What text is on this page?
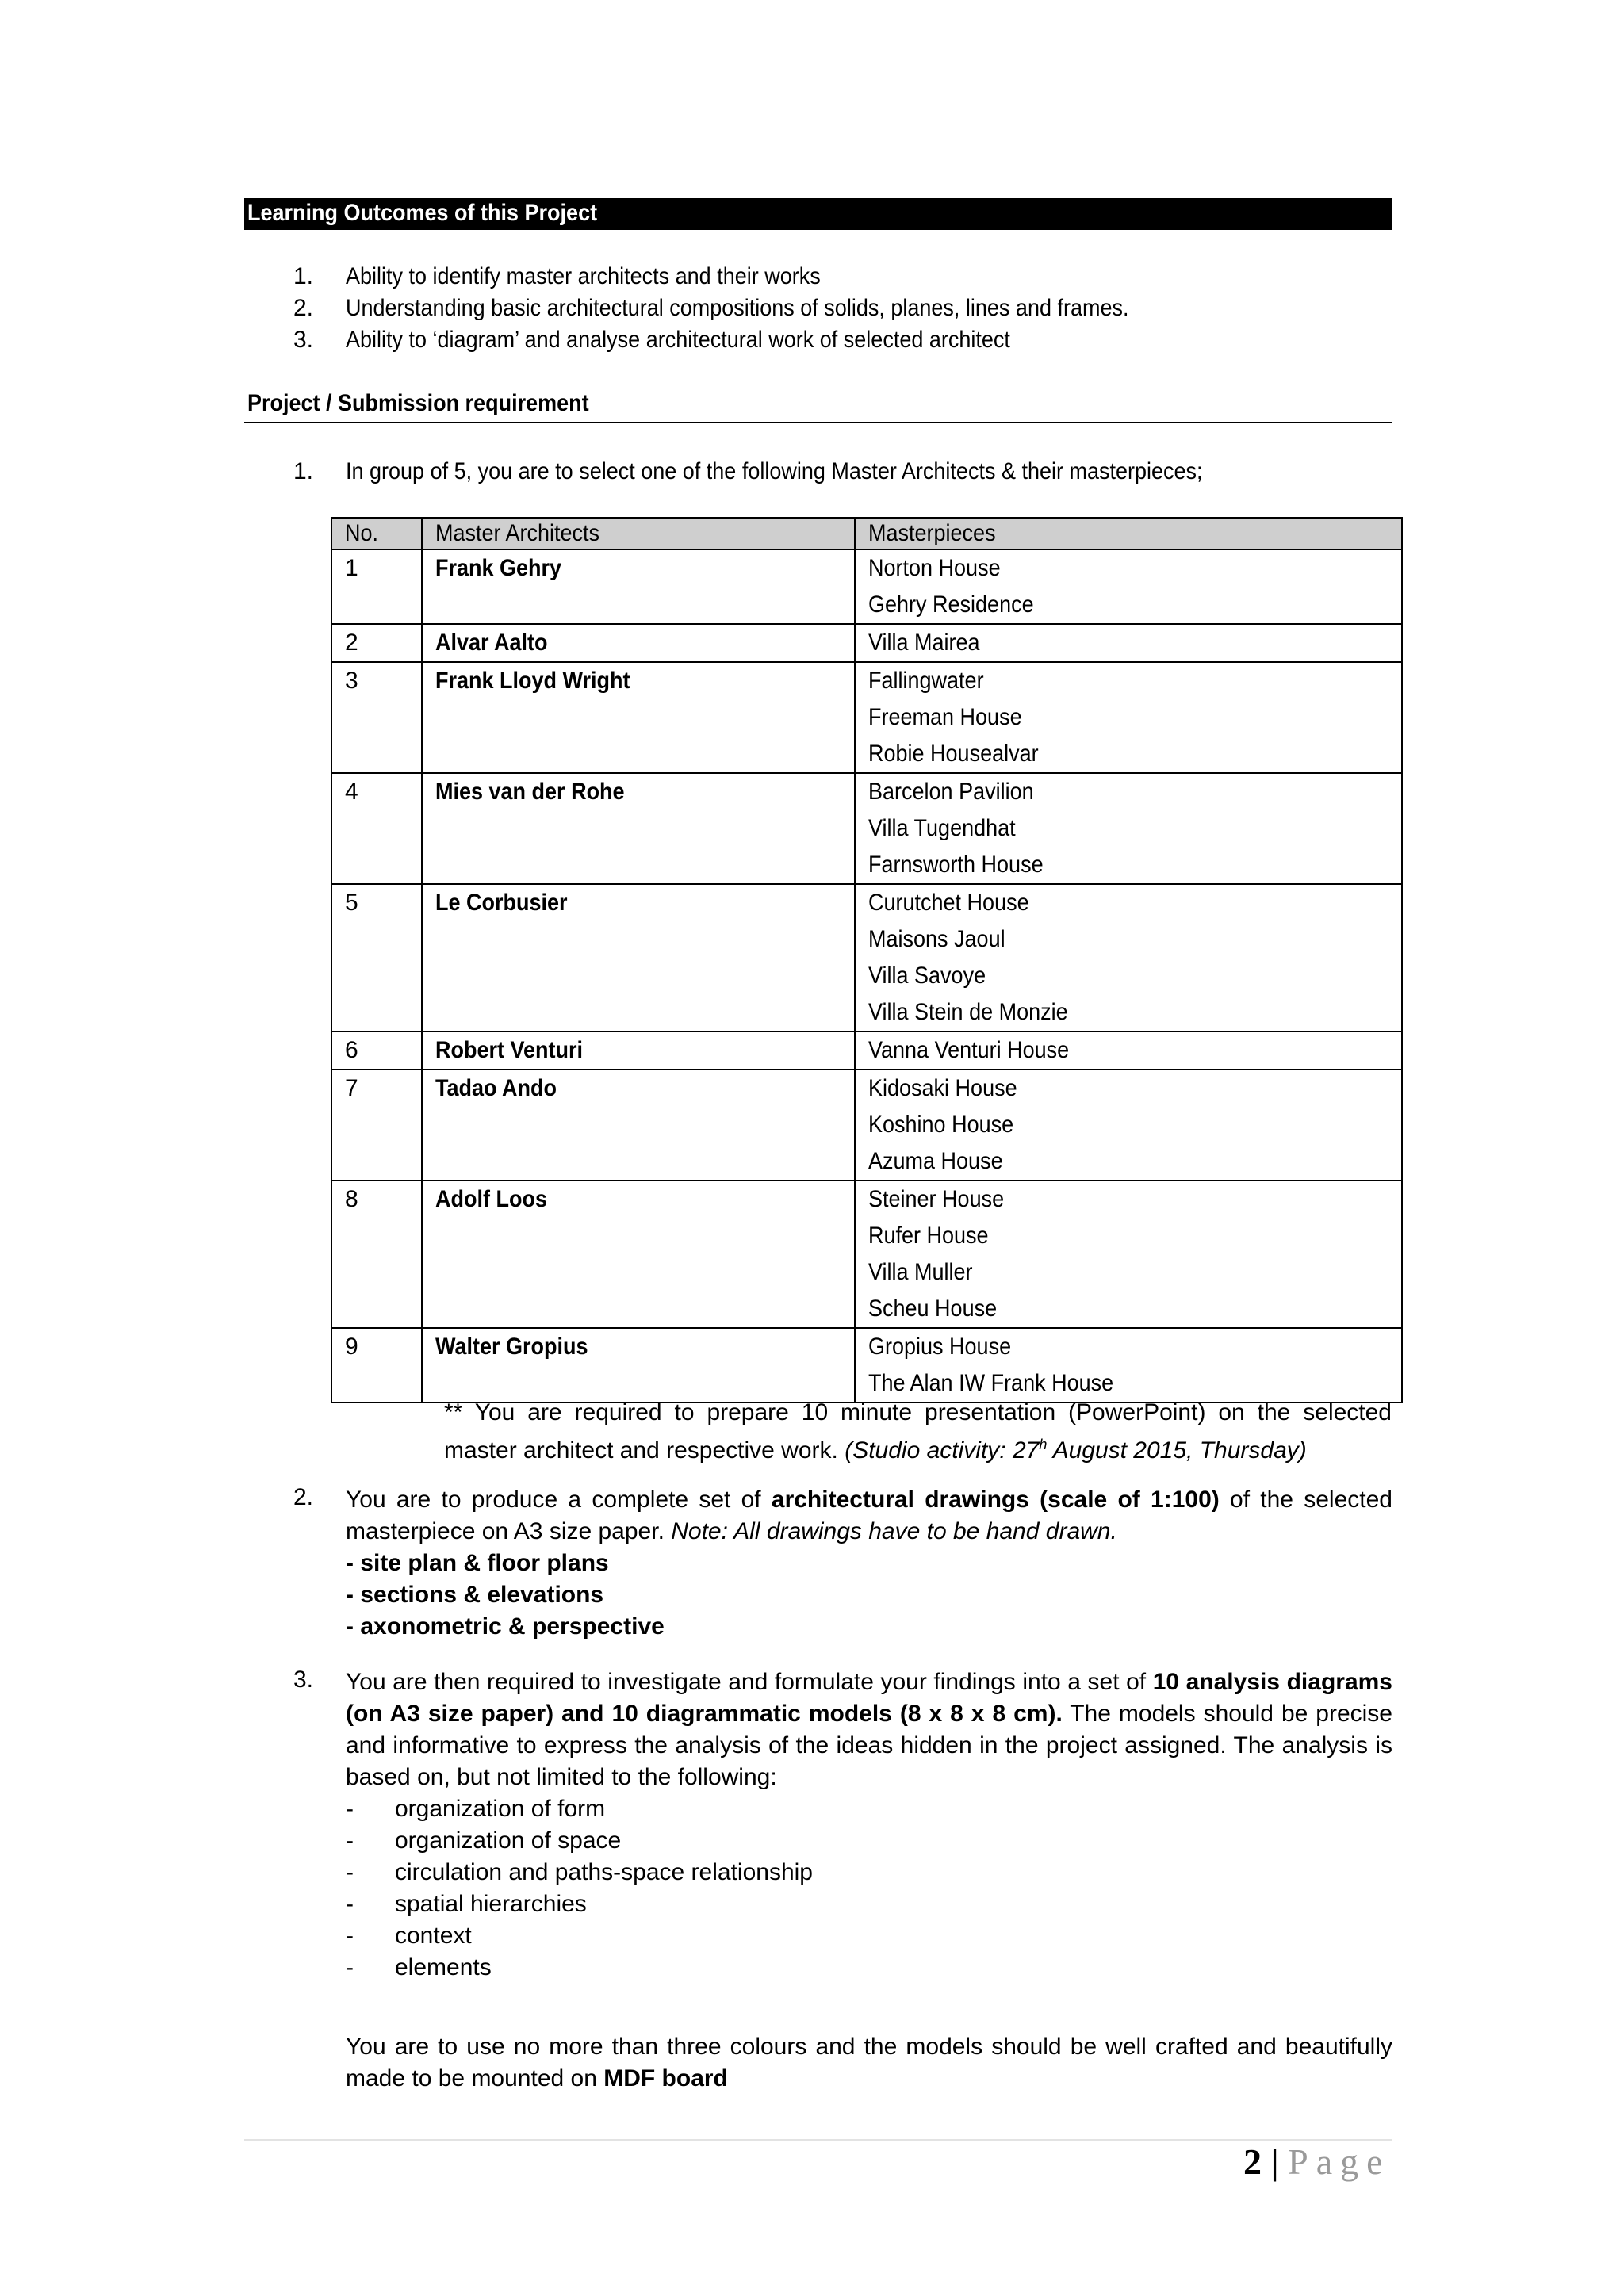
Learning Outcomes of this Project
1. Ability to identify master architects and their works
2. Understanding basic architectural compositions of solids, planes, lines and frames.
3. Ability to ‘diagram’ and analyse architectural work of selected architect
Project / Submission requirement
1. In group of 5, you are to select one of the following Master Architects & their masterpieces;
No.	Master Architects	Masterpieces

1	Frank Gehry	Norton House
Gehry Residence

2	Alvar Aalto	Villa Mairea

3	Frank Lloyd Wright	Fallingwater
Freeman House
Robie Housealvar

4	Mies van der Rohe	Barcelon Pavilion
Villa Tugendhat
Farnsworth House

5	Le Corbusier	Curutchet House
Maisons Jaoul
Villa Savoye
Villa Stein de Monzie

6	Robert Venturi	Vanna Venturi House

7	Tadao Ando	Kidosaki House
Koshino House
Azuma House

8	Adolf Loos	Steiner House
Rufer House
Villa Muller
Scheu House

9	Walter Gropius	Gropius House
The Alan IW Frank House
** You are required to prepare 10 minute presentation (PowerPoint) on the selected master architect and respective work. (Studio activity: 27$^h$ August 2015, Thursday)
2. You are to produce a complete set of architectural drawings (scale of 1:100) of the selected masterpiece on A3 size paper. Note: All drawings have to be hand drawn.
- site plan & floor plans
- sections & elevations
- axonometric & perspective
3. You are then required to investigate and formulate your findings into a set of 10 analysis diagrams (on A3 size paper) and 10 diagrammatic models (8 x 8 x 8 cm). The models should be precise and informative to express the analysis of the ideas hidden in the project assigned. The analysis is based on, but not limited to the following:
- organization of form
- organization of space
- circulation and paths-space relationship
- spatial hierarchies
- context
- elements
You are to use no more than three colours and the models should be well crafted and beautifully made to be mounted on MDF board
2 | Page
